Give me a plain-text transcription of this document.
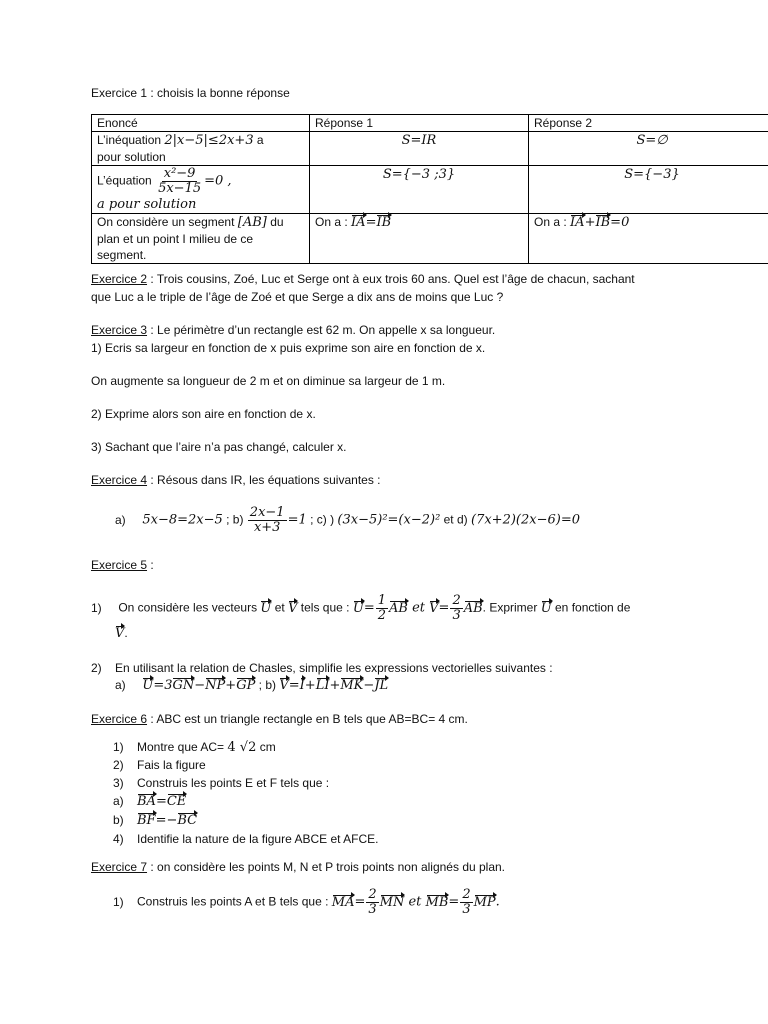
Exercice 1 : choisis la bonne réponse
Enoncé	Réponse 1	Réponse 2
L’inéquation 2|x−5|≤2x+3 a
pour solution	S=IR	S=∅
L’équation $\frac{\text{x²−9}}{5x-15} =0$ ,
a pour solution	S={−3 ;3}	S={−3}
On considère un segment [AB] du
plan et un point I milieu de ce
segment.	On a : IA=IB	On a : IA+IB=0
Exercice 2 : Trois cousins, Zoé, Luc et Serge ont à eux trois 60 ans. Quel est l’âge de chacun, sachant
que Luc a le triple de l’âge de Zoé et que Serge a dix ans de moins que Luc ?
Exercice 3 : Le périmètre d’un rectangle est 62 m. On appelle x sa longueur.
1) Ecris sa largeur en fonction de x puis exprime son aire en fonction de x.
On augmente sa longueur de 2 m et on diminue sa largeur de 1 m.
2) Exprime alors son aire en fonction de x.
3) Sachant que l’aire n’a pas changé, calculer x.
Exercice 4 : Résous dans IR, les équations suivantes :
a) 5x−8=2x−5 ; $b) \frac{2x-1}{x+3} =1$ ; c) ) (3x−5)²=(x−2)² et d) (7x+2)(2x−6)=0
Exercice 5 :
1) On considère les vecteurs U et V tels que : $U= \frac{1}{2}$ AB et $V= \frac{2}{3}$ AB. Exprimer U en fonction de
V.
2) En utilisant la relation de Chasles, simplifie les expressions vectorielles suivantes :
a) U=3GN−NP+GP ; b) V=I+LI+MK−JL
Exercice 6 : ABC est un triangle rectangle en B tels que AB=BC= 4 cm.
1) Montre que AC= 4 √2 cm
2) Fais la figure
3) Construis les points E et F tels que :
a) BA=CE
b) BF=−BC
4) Identifie la nature de la figure ABCE et AFCE.
Exercice 7 : on considère les points M, N et P trois points non alignés du plan.
1) Construis les points A et B tels que : $MA= \frac{2}{3}$ MN et $MB= \frac{2}{3}$ MP.
